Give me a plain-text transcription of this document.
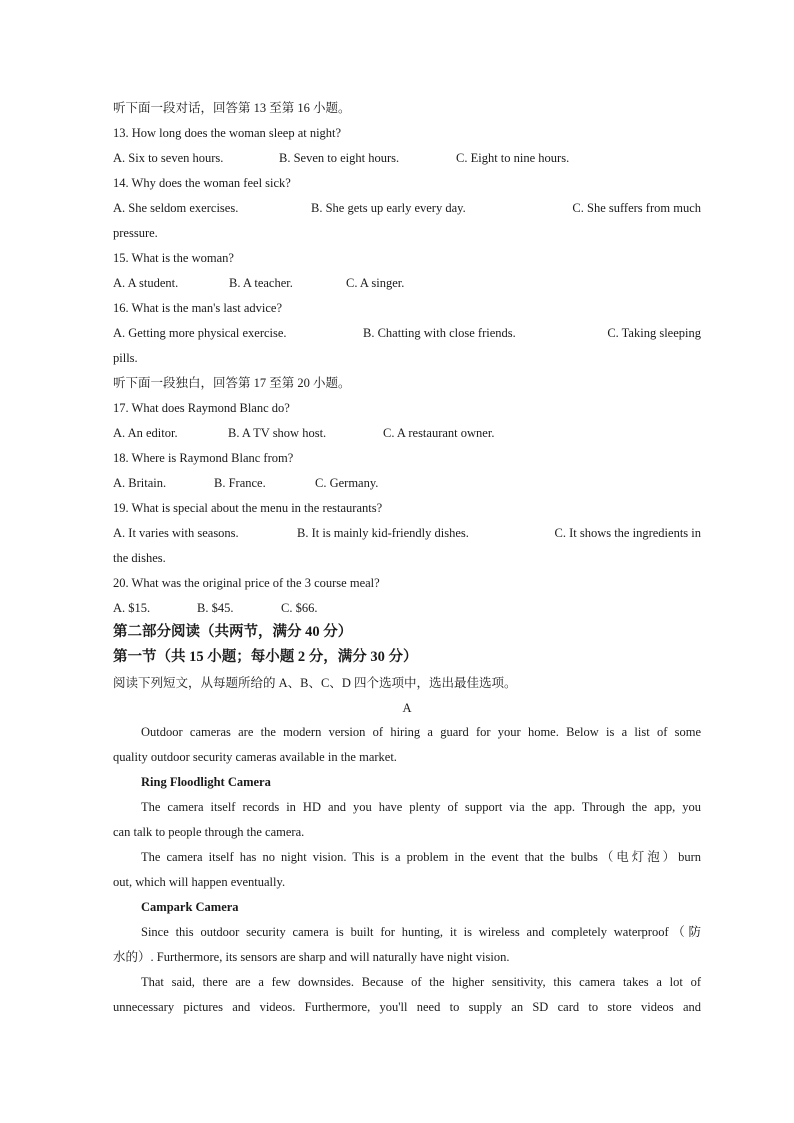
听下面一段对话，回答第 13 至第 16 小题。
13. How long does the woman sleep at night?
A. Six to seven hours.	B. Seven to eight hours.	C. Eight to nine hours.
14. Why does the woman feel sick?
A. She seldom exercises.	B. She gets up early every day.	C. She suffers from much
pressure.
15. What is the woman?
A. A student.	B. A teacher.	C. A singer.
16. What is the man's last advice?
A. Getting more physical exercise.	B. Chatting with close friends.	C. Taking sleeping
pills.
听下面一段独白，回答第 17 至第 20 小题。
17. What does Raymond Blanc do?
A. An editor.	B. A TV show host.	C. A restaurant owner.
18. Where is Raymond Blanc from?
A. Britain.	B. France.	C. Germany.
19. What is special about the menu in the restaurants?
A. It varies with seasons.	B. It is mainly kid-friendly dishes.	C. It shows the ingredients in
the dishes.
20. What was the original price of the 3 course meal?
A. $15.	B. $45.	C. $66.
第二部分阅读（共两节，满分 40 分）
第一节（共 15 小题；每小题 2 分，满分 30 分）
阅读下列短文，从每题所给的 A、B、C、D 四个选项中，选出最佳选项。
A
Outdoor cameras are the modern version of hiring a guard for your home. Below is a list of some
quality outdoor security cameras available in the market.
Ring Floodlight Camera
The camera itself records in HD and you have plenty of support via the app. Through the app, you
can talk to people through the camera.
The camera itself has no night vision. This is a problem in the event that the bulbs（电灯泡）burn
out, which will happen eventually.
Campark Camera
Since this outdoor security camera is built for hunting, it is wireless and completely waterproof（防
水的）. Furthermore, its sensors are sharp and will naturally have night vision.
That said, there are a few downsides. Because of the higher sensitivity, this camera takes a lot of
unnecessary pictures and videos. Furthermore, you'll need to supply an SD card to store videos and
